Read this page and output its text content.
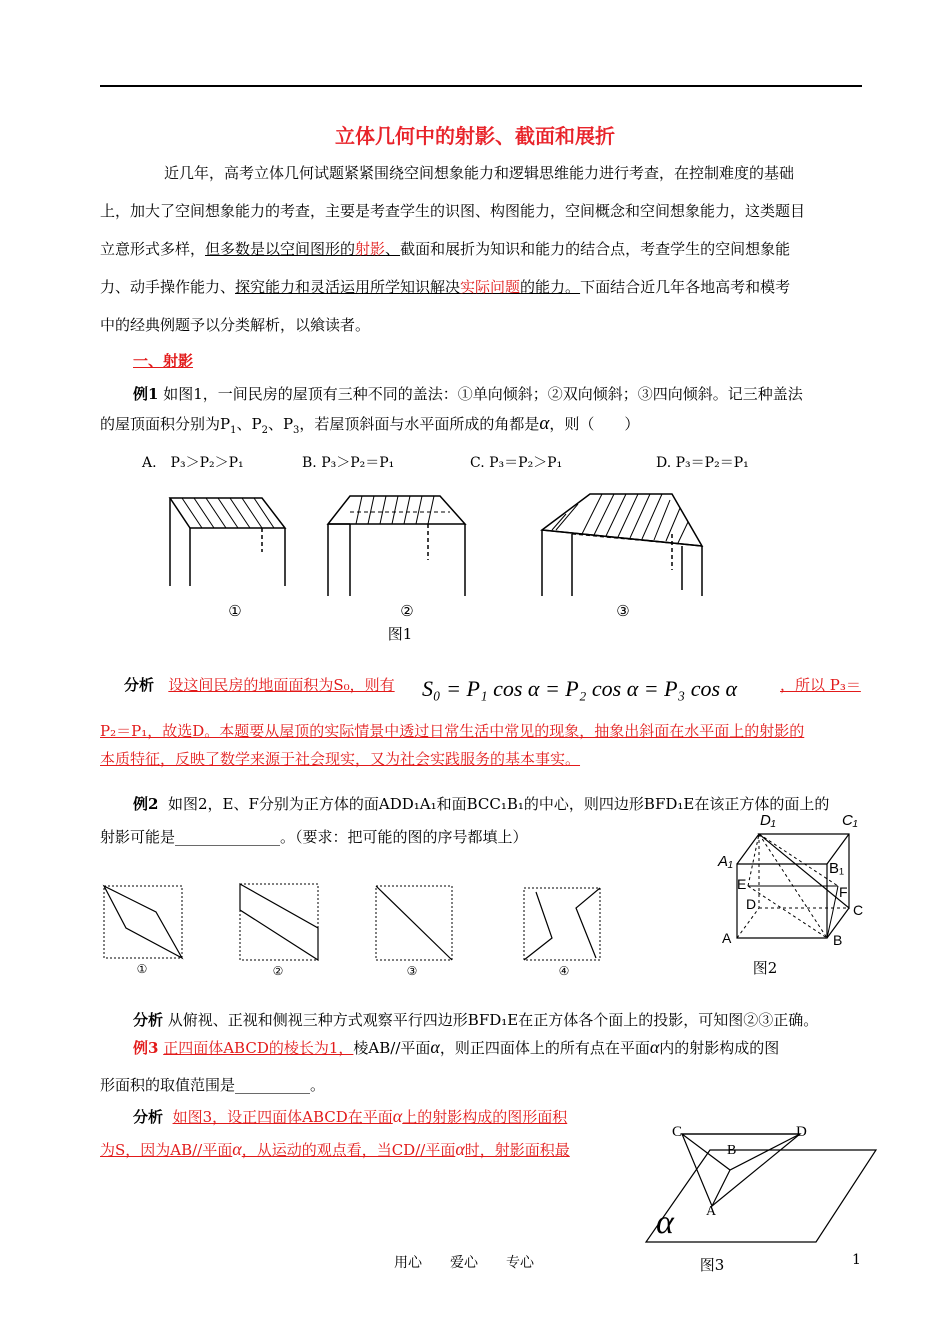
立体几何中的射影、截面和展折
近几年，高考立体几何试题紧紧围绕空间想象能力和逻辑思维能力进行考查，在控制难度的基础
上，加大了空间想象能力的考查，主要是考查学生的识图、构图能力，空间概念和空间想象能力，这类题目
立意形式多样，但多数是以空间图形的射影、截面和展折为知识和能力的结合点，考查学生的空间想象能
力、动手操作能力、探究能力和灵活运用所学知识解决实际问题的能力。下面结合近几年各地高考和模考
中的经典例题予以分类解析，以飨读者。
一、射影
例1 如图1，一间民房的屋顶有三种不同的盖法：①单向倾斜；②双向倾斜；③四向倾斜。记三种盖法
的屋顶面积分别为$P_1$、$P_2$、$P_3$，若屋顶斜面与水平面所成的角都是α，则（　　）
A.　P₃＞P₂＞P₁	B. P₃＞P₂＝P₁	C. P₃＝P₂＞P₁	D. P₃＝P₂＝P₁
①	②	③
图1
分析 设这间民房的地面面积为S₀，则有	S₀ = P₁ cos α = P₂ cos α = P₃ cos α	，所以 P₃＝
P₂＝P₁，故选D。本题要从屋顶的实际情景中透过日常生活中常见的现象，抽象出斜面在水平面上的射影的
本质特征，反映了数学来源于社会现实，又为社会实践服务的基本事实。
例2 如图2，E、F分别为正方体的面ADD₁A₁和面BCC₁B₁的中心，则四边形BFD₁E在该正方体的面上的
射影可能是______________。（要求：把可能的图的序号都填上）
①	②	③	④
D₁	C₁
A₁	B₁
E	F
D	C
A	B
图2
分析 从俯视、正视和侧视三种方式观察平行四边形BFD₁E在正方体各个面上的投影，可知图②③正确。
例3 正四面体ABCD的棱长为1，棱AB//平面α，则正四面体上的所有点在平面α内的射影构成的图
形面积的取值范围是__________。
分析 如图3，设正四面体ABCD在平面α上的射影构成的图形面积
为S，因为AB//平面α，从运动的观点看，当CD//平面α时，射影面积最
C	D
B
A
α
图3
用心　　爱心　　专心	1
